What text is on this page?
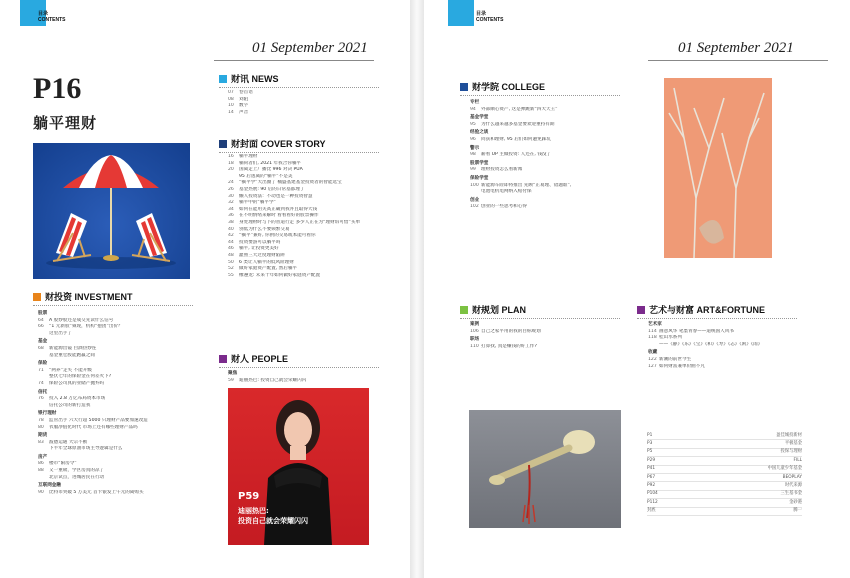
目录
CONTENTS
01 September 2021
P16
躺平理财
财投资 INVESTMENT
股票
64 A 股炒股还是成交先读什么信号
66 “1 元新股”频现，机构“抱团”出价？
这里出手了
基金
68 新能源出镜 白酒热炒连
基金重仓股能跑赢之间
保险
71 “两养”走失 不能升级
整伏七年的保险金在何差火下?
74 保险公司真的业储产抛弃吗
信托
76 投入 2.8 万亿布局资本市场
信托公司的新打造我
银行理财
78 监管出手 六大行超 5000 只理财产品要加速改造
80 衣服净值化时代 市场上还有哪些理财产品吗
期货
83 波德运通 大宗不断
下半年全球原油市场主导逻辑是什么
房产
86 楼市“限房令”
88 又一重磅，学区房真的凉了
北京试点，进城居民在行动
互联网金融
90 比特币突破 5 万美元 首卡银发上午元的离购买
财讯 NEWS
07 卷首语
08 刘阻
10 数字
14 声音
财封面 COVER STORY
16 躺平理财
18 躺荷者们, 2021 年我合你躺平
20 国离走上广播比 996 对决 PUA
95 后逃离的“躺平”不是美
24 “躺平学”大出圈了 桶盛基建基金投资者的智能选宝
26 基金热展: 90 后的日常基都理了
30 懒人投资法：不动也是一种投资智慧
32 躺平中的“躺平学”
34 如何在能用关高正确到我并且取得大钱
36 在不明情绪来解时 看看看好的股票操作
38 身处理财时与下的普道行走 多少人正在为“理财诉可惜”买单
40 别低为什么不要频繁交易
42 “躺平”兼好, 你供的交易或本能可看你
44 投资要游可以躺平吗
46 躺平, 让投资更美好
48 灌照三大过度理财陷阱
50 6 类让人躺平的低风险理财
52 做好家庭资产配置, 然后躺平
55 橡遵龙: 未来十年如何做好家庭资产配置
财人 PEOPLE
聚焦
59 迪丽热巴: 投资自己就会荣耀闪闪
P59
迪丽热巴:
投资自己就会荣耀闪闪
目录
CONTENTS
01 September 2021
财学院 COLLEGE
专栏
94 外部顺心资产, 这是弹跳新“四大天王”
基金学堂
95 为什么越来越多基金要欢迎重持有期
经验之谈
96 同获和理财, 95 后们如何避免踩坑
警示
98 薪看 UP 主做投资: 人还在, 钱没了
股票学堂
99 理财投资怎么看新闻
保险学堂
100 新能源车险即将推出 先顾“正易理、错题谁”,
电池电机电网纳入赔付保
创业
102 创业的一些思考和心得
财规划 PLAN
案例
106 自己之家平用的我的目标规划
职场
110 打算找, 真是赚钱的好工作?
艺术与财富 ART&FORTUNE
艺术家
114 画意风华 笔墨青春——道统国人风书
118 桂山水系列
——《静》《乐》《宝》《和》《寿》《志》《闲》《雨》
收藏
122 新潮的前世今生
127 如何财富兼单价曲不凡
P1	盈佳城投新材
P3	平极基金
P5	投保与理财
P29	FILL
P41	中国儿童少年基金
P67	BEOPLAY
P92	时代来源
P104	三生基书金
P112	金砂港
封底	腾一
